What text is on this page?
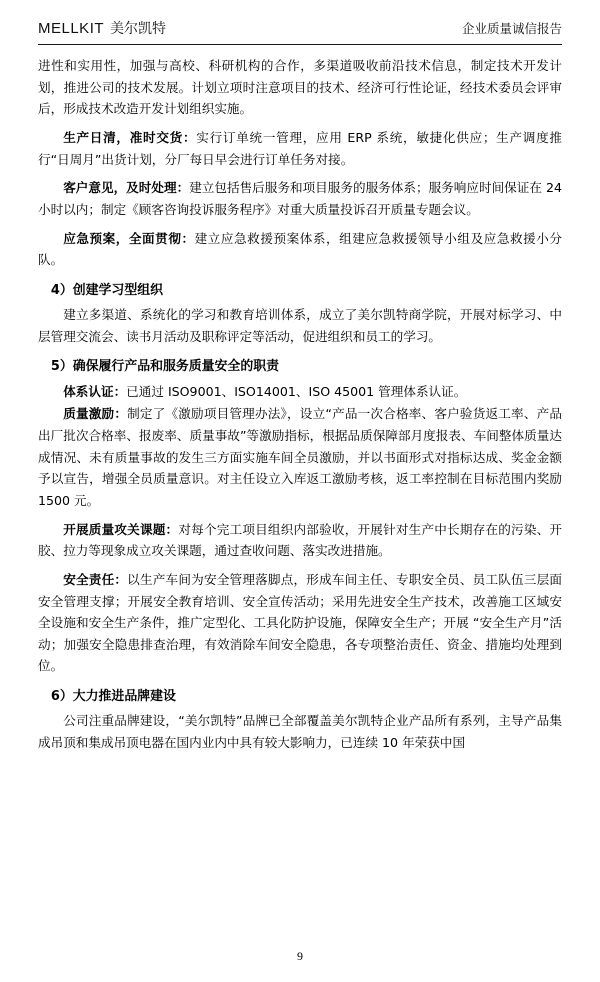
MELLKIT 美尔凯特	企业质量诚信报告

进性和实用性，加强与高校、科研机构的合作，多渠道吸收前沿技术信息，制定技术开发计划，推进公司的技术发展。计划立项时注意项目的技术、经济可行性论证，经技术委员会评审后，形成技术改造开发计划组织实施。

生产日清，准时交货：实行订单统一管理，应用 ERP 系统，敏捷化供应；生产调度推行“日周月”出货计划，分厂每日早会进行订单任务对接。

客户意见，及时处理：建立包括售后服务和项目服务的服务体系；服务响应时间保证在 24 小时以内；制定《顾客咨询投诉服务程序》对重大质量投诉召开质量专题会议。

应急预案，全面贯彻：建立应急救援预案体系，组建应急救援领导小组及应急救援小分队。

4）创建学习型组织

建立多渠道、系统化的学习和教育培训体系，成立了美尔凯特商学院，开展对标学习、中层管理交流会、读书月活动及职称评定等活动，促进组织和员工的学习。

5）确保履行产品和服务质量安全的职责

体系认证：已通过 ISO9001、ISO14001、ISO 45001 管理体系认证。

质量激励：制定了《激励项目管理办法》，设立“产品一次合格率、客户验货返工率、产品出厂批次合格率、报废率、质量事故”等激励指标，根据品质保障部月度报表、车间整体质量达成情况、未有质量事故的发生三方面实施车间全员激励，并以书面形式对指标达成、奖金金额予以宣告，增强全员质量意识。对主任设立入库返工激励考核，返工率控制在目标范围内奖励 1500 元。

开展质量攻关课题：对每个完工项目组织内部验收，开展针对生产中长期存在的污染、开胶、拉力等现象成立攻关课题，通过查收问题、落实改进措施。

安全责任：以生产车间为安全管理落脚点，形成车间主任、专职安全员、员工队伍三层面安全管理支撑；开展安全教育培训、安全宣传活动；采用先进安全生产技术，改善施工区域安全设施和安全生产条件，推广定型化、工具化防护设施，保障安全生产；开展 “安全生产月”活动；加强安全隐患排查治理，有效消除车间安全隐患，各专项整治责任、资金、措施均处理到位。

6）大力推进品牌建设

公司注重品牌建设，“美尔凯特”品牌已全部覆盖美尔凯特企业产品所有系列，主导产品集成吊顶和集成吊顶电器在国内业内中具有较大影响力，已连续 10 年荣获中国

9
